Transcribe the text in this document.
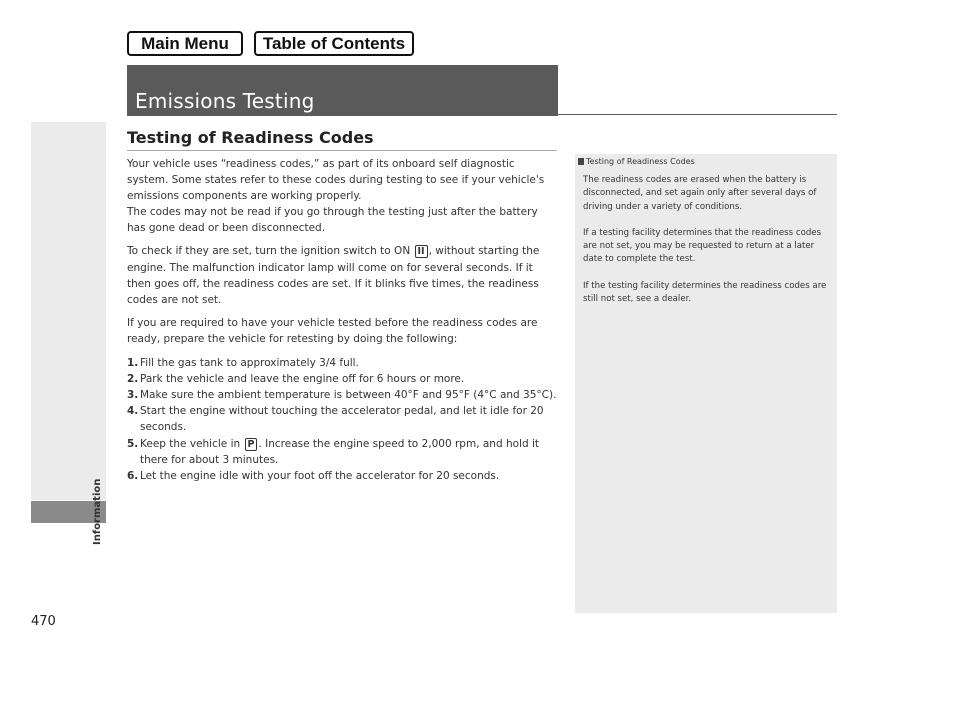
Main Menu	Table of Contents
Emissions Testing
470
Testing of Readiness Codes

Your vehicle uses “readiness codes,” as part of its onboard self diagnostic system. Some states refer to these codes during testing to see if your vehicle's emissions components are working properly.

The codes may not be read if you go through the testing just after the battery has gone dead or been disconnected.

To check if they are set, turn the ignition switch to ON II , without starting the engine. The malfunction indicator lamp will come on for several seconds. If it then goes off, the readiness codes are set. If it blinks five times, the readiness codes are not set.

If you are required to have your vehicle tested before the readiness codes are ready, prepare the vehicle for retesting by doing the following:

1. Fill the gas tank to approximately 3/4 full.
2. Park the vehicle and leave the engine off for 6 hours or more.
3. Make sure the ambient temperature is between 40°F and 95°F (4°C and 35°C).
4. Start the engine without touching the accelerator pedal, and let it idle for 20 seconds.
5. Keep the vehicle in P . Increase the engine speed to 2,000 rpm, and hold it there for about 3 minutes.
6. Let the engine idle with your foot off the accelerator for 20 seconds.
Testing of Readiness Codes

The readiness codes are erased when the battery is disconnected, and set again only after several days of driving under a variety of conditions.

If a testing facility determines that the readiness codes are not set, you may be requested to return at a later date to complete the test.

If the testing facility determines the readiness codes are still not set, see a dealer.
